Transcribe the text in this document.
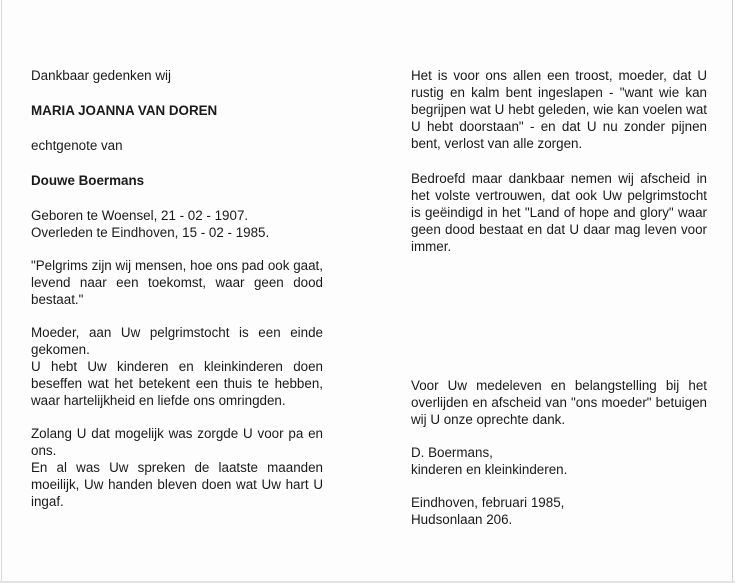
Dankbaar gedenken wij

MARIA JOANNA VAN DOREN

echtgenote van

Douwe Boermans

Geboren te Woensel, 21 - 02 - 1907.

Overleden te Eindhoven, 15 - 02 - 1985.

"Pelgrims zijn wij mensen, hoe ons pad ook gaat, levend naar een toekomst, waar geen dood bestaat."

Moeder, aan Uw pelgrimstocht is een einde gekomen.

U hebt Uw kinderen en kleinkinderen doen beseffen wat het betekent een thuis te hebben, waar hartelijkheid en liefde ons omringden.

Zolang U dat mogelijk was zorgde U voor pa en ons.

En al was Uw spreken de laatste maanden moeilijk, Uw handen bleven doen wat Uw hart U ingaf.

Het is voor ons allen een troost, moeder, dat U rustig en kalm bent ingeslapen - "want wie kan begrijpen wat U hebt geleden, wie kan voelen wat U hebt doorstaan" - en dat U nu zonder pijnen bent, verlost van alle zorgen.

Bedroefd maar dankbaar nemen wij afscheid in het volste vertrouwen, dat ook Uw pelgrimstocht is geëindigd in het "Land of hope and glory" waar geen dood bestaat en dat U daar mag leven voor immer.

Voor Uw medeleven en belangstelling bij het overlijden en afscheid van "ons moeder" betuigen wij U onze oprechte dank.

D. Boermans,

kinderen en kleinkinderen.

Eindhoven, februari 1985,

Hudsonlaan 206.
